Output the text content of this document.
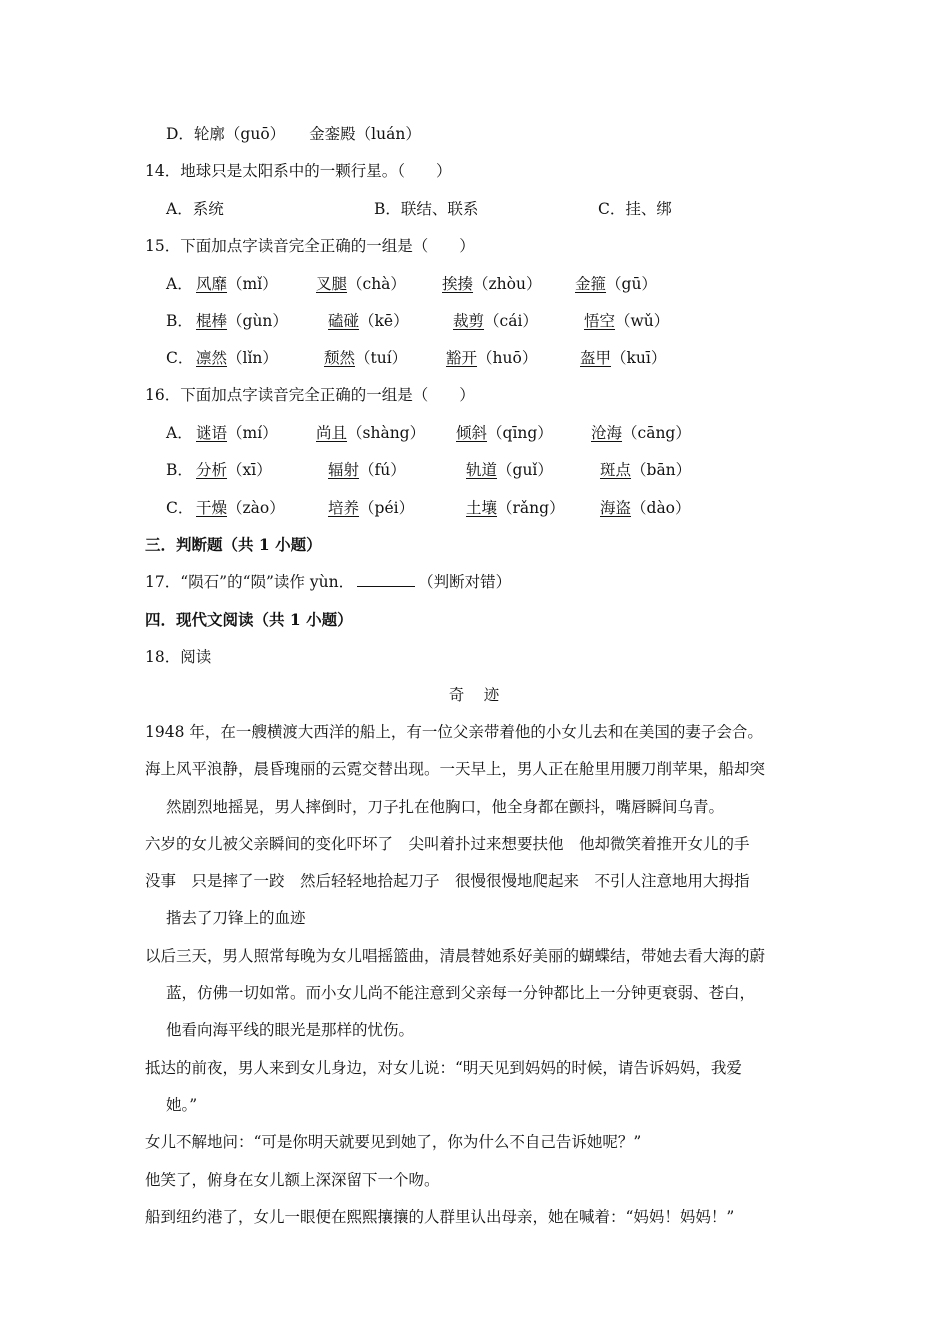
D．轮廓（guō） 金銮殿（luán）
14．地球只是太阳系中的一颗行星。（　　）
A．系统	B．联结、联系	C．挂、绑
15．下面加点字读音完全正确的一组是（　　）
A． 风靡（mǐ） 叉腿（chà） 挨揍（zhòu） 金箍（gū）
B． 棍棒（gùn）	磕碰（kē）	裁剪（cái）	悟空（wǔ）
C． 凛然（lǐn）	颓然（tuí）	豁开（huō）	盔甲（kuī）
16．下面加点字读音完全正确的一组是（　　）
A． 谜语（mí） 尚且（shàng） 倾斜（qīng） 沧海（cāng）
B． 分析（xī）	辐射（fú）	轨道（guǐ）	斑点（bān）
C． 干燥（zào）	培养（péi）	土壤（rǎng） 海盗（dào）
三．判断题（共 1 小题）
17．“陨石”的“陨”读作 yùn．	（判断对错）
四．现代文阅读（共 1 小题）
18．阅读
奇　迹
1948 年，在一艘横渡大西洋的船上，有一位父亲带着他的小女儿去和在美国的妻子会合。
海上风平浪静，晨昏瑰丽的云霓交替出现。一天早上，男人正在舱里用腰刀削苹果，船却突
然剧烈地摇晃，男人摔倒时，刀子扎在他胸口，他全身都在颤抖，嘴唇瞬间乌青。
六岁的女儿被父亲瞬间的变化吓坏了　尖叫着扑过来想要扶他　他却微笑着推开女儿的手
没事　只是摔了一跤　然后轻轻地拾起刀子　很慢很慢地爬起来　不引人注意地用大拇指
揩去了刀锋上的血迹
以后三天，男人照常每晚为女儿唱摇篮曲，清晨替她系好美丽的蝴蝶结，带她去看大海的蔚
蓝，仿佛一切如常。而小女儿尚不能注意到父亲每一分钟都比上一分钟更衰弱、苍白，
他看向海平线的眼光是那样的忧伤。
抵达的前夜，男人来到女儿身边，对女儿说：“明天见到妈妈的时候，请告诉妈妈，我爱
她。”
女儿不解地问：“可是你明天就要见到她了，你为什么不自己告诉她呢？”
他笑了，俯身在女儿额上深深留下一个吻。
船到纽约港了，女儿一眼便在熙熙攘攘的人群里认出母亲，她在喊着：“妈妈！妈妈！”
